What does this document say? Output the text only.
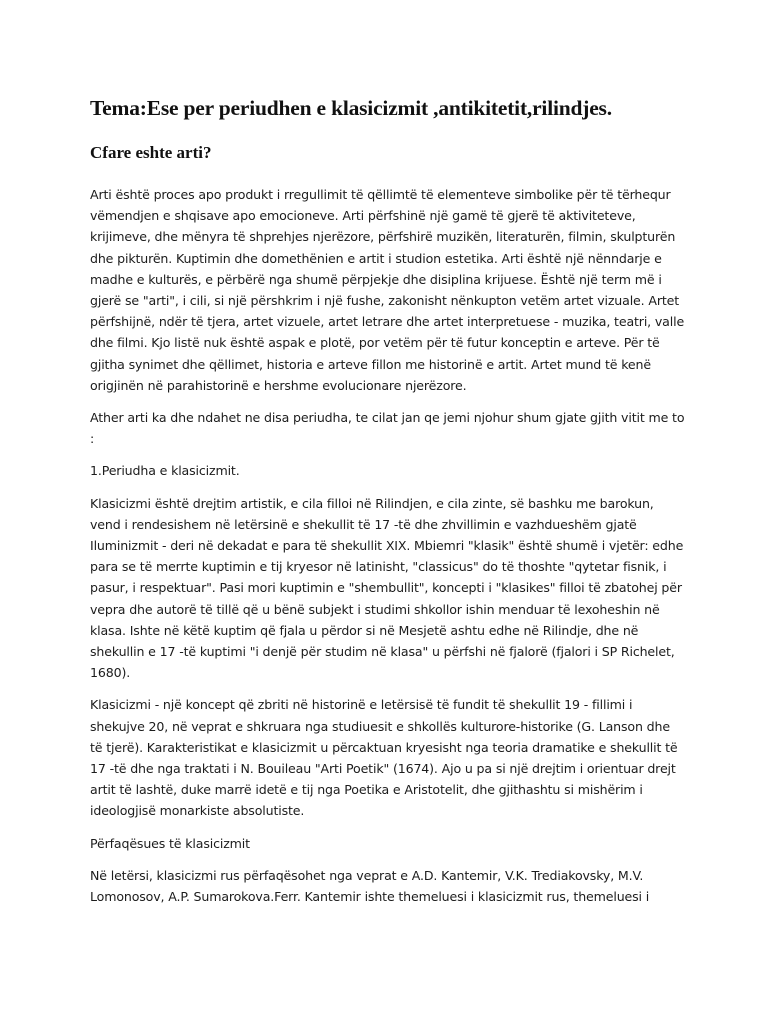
Tema:Ese per periudhen e klasicizmit ,antikitetit,rilindjes.
Cfare eshte arti?

Arti është proces apo produkt i rregullimit të qëllimtë të elementeve simbolike për të tërhequr vëmendjen e shqisave apo emocioneve. Arti përfshinë një gamë të gjerë të aktiviteteve, krijimeve, dhe mënyra të shprehjes njerëzore, përfshirë muzikën, literaturën, filmin, skulpturën dhe pikturën. Kuptimin dhe domethënien e artit i studion estetika. Arti është një nënndarje e madhe e kulturës, e përbërë nga shumë përpjekje dhe disiplina krijuese. Është një term më i gjerë se "arti", i cili, si një përshkrim i një fushe, zakonisht nënkupton vetëm artet vizuale. Artet përfshijnë, ndër të tjera, artet vizuele, artet letrare dhe artet interpretuese - muzika, teatri, valle dhe filmi. Kjo listë nuk është aspak e plotë, por vetëm për të futur konceptin e arteve. Për të gjitha synimet dhe qëllimet, historia e arteve fillon me historinë e artit. Artet mund të kenë origjinën në parahistorinë e hershme evolucionare njerëzore.

Ather arti ka dhe ndahet ne disa periudha, te cilat jan qe jemi njohur shum gjate gjith vitit me to :

1.Periudha e klasicizmit.

Klasicizmi është drejtim artistik, e cila filloi në Rilindjen, e cila zinte, së bashku me barokun, vend i rendesishem në letërsinë e shekullit të 17 -të dhe zhvillimin e vazhdueshëm gjatë Iluminizmit - deri në dekadat e para të shekullit XIX. Mbiemri "klasik" është shumë i vjetër: edhe para se të merrte kuptimin e tij kryesor në latinisht, "classicus" do të thoshte "qytetar fisnik, i pasur, i respektuar". Pasi mori kuptimin e "shembullit", koncepti i "klasikes" filloi të zbatohej për vepra dhe autorë të tillë që u bënë subjekt i studimi shkollor ishin menduar të lexoheshin në klasa. Ishte në këtë kuptim që fjala u përdor si në Mesjetë ashtu edhe në Rilindje, dhe në shekullin e 17 -të kuptimi "i denjë për studim në klasa" u përfshi në fjalorë (fjalori i SP Richelet, 1680).

Klasicizmi - një koncept që zbriti në historinë e letërsisë të fundit të shekullit 19 - fillimi i shekujve 20, në veprat e shkruara nga studiuesit e shkollës kulturore-historike (G. Lanson dhe të tjerë). Karakteristikat e klasicizmit u përcaktuan kryesisht nga teoria dramatike e shekullit të 17 -të dhe nga traktati i N. Bouileau "Arti Poetik" (1674). Ajo u pa si një drejtim i orientuar drejt artit të lashtë, duke marrë idetë e tij nga Poetika e Aristotelit, dhe gjithashtu si mishërim i ideologjisë monarkiste absolutiste.

Përfaqësues të klasicizmit

Në letërsi, klasicizmi rus përfaqësohet nga veprat e A.D. Kantemir, V.K. Trediakovsky, M.V. Lomonosov, A.P. Sumarokova.Ferr. Kantemir ishte themeluesi i klasicizmit rus, themeluesi i
